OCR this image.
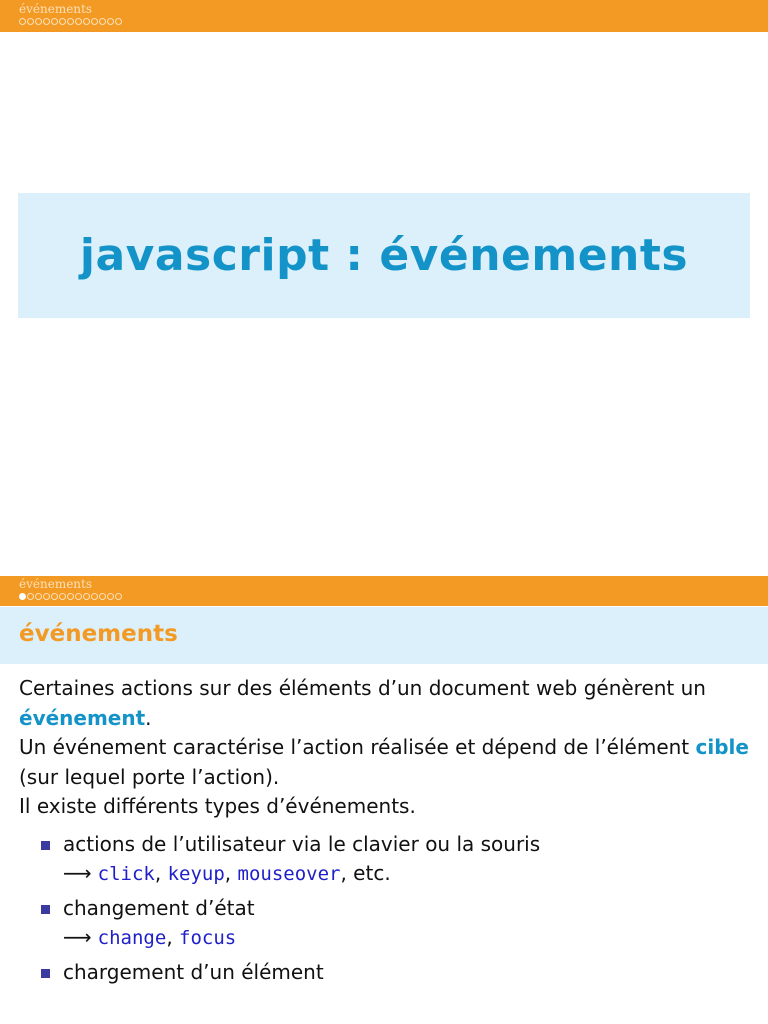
événements
javascript : événements
événements
événements

Certaines actions sur des éléments d’un document web génèrent un événement.

Un événement caractérise l’action réalisée et dépend de l’élément cible (sur lequel porte l’action).

Il existe différents types d’événements.

actions de l’utilisateur via le clavier ou la souris
⟶ click, keyup, mouseover, etc.
changement d’état
⟶ change, focus
chargement d’un élément
